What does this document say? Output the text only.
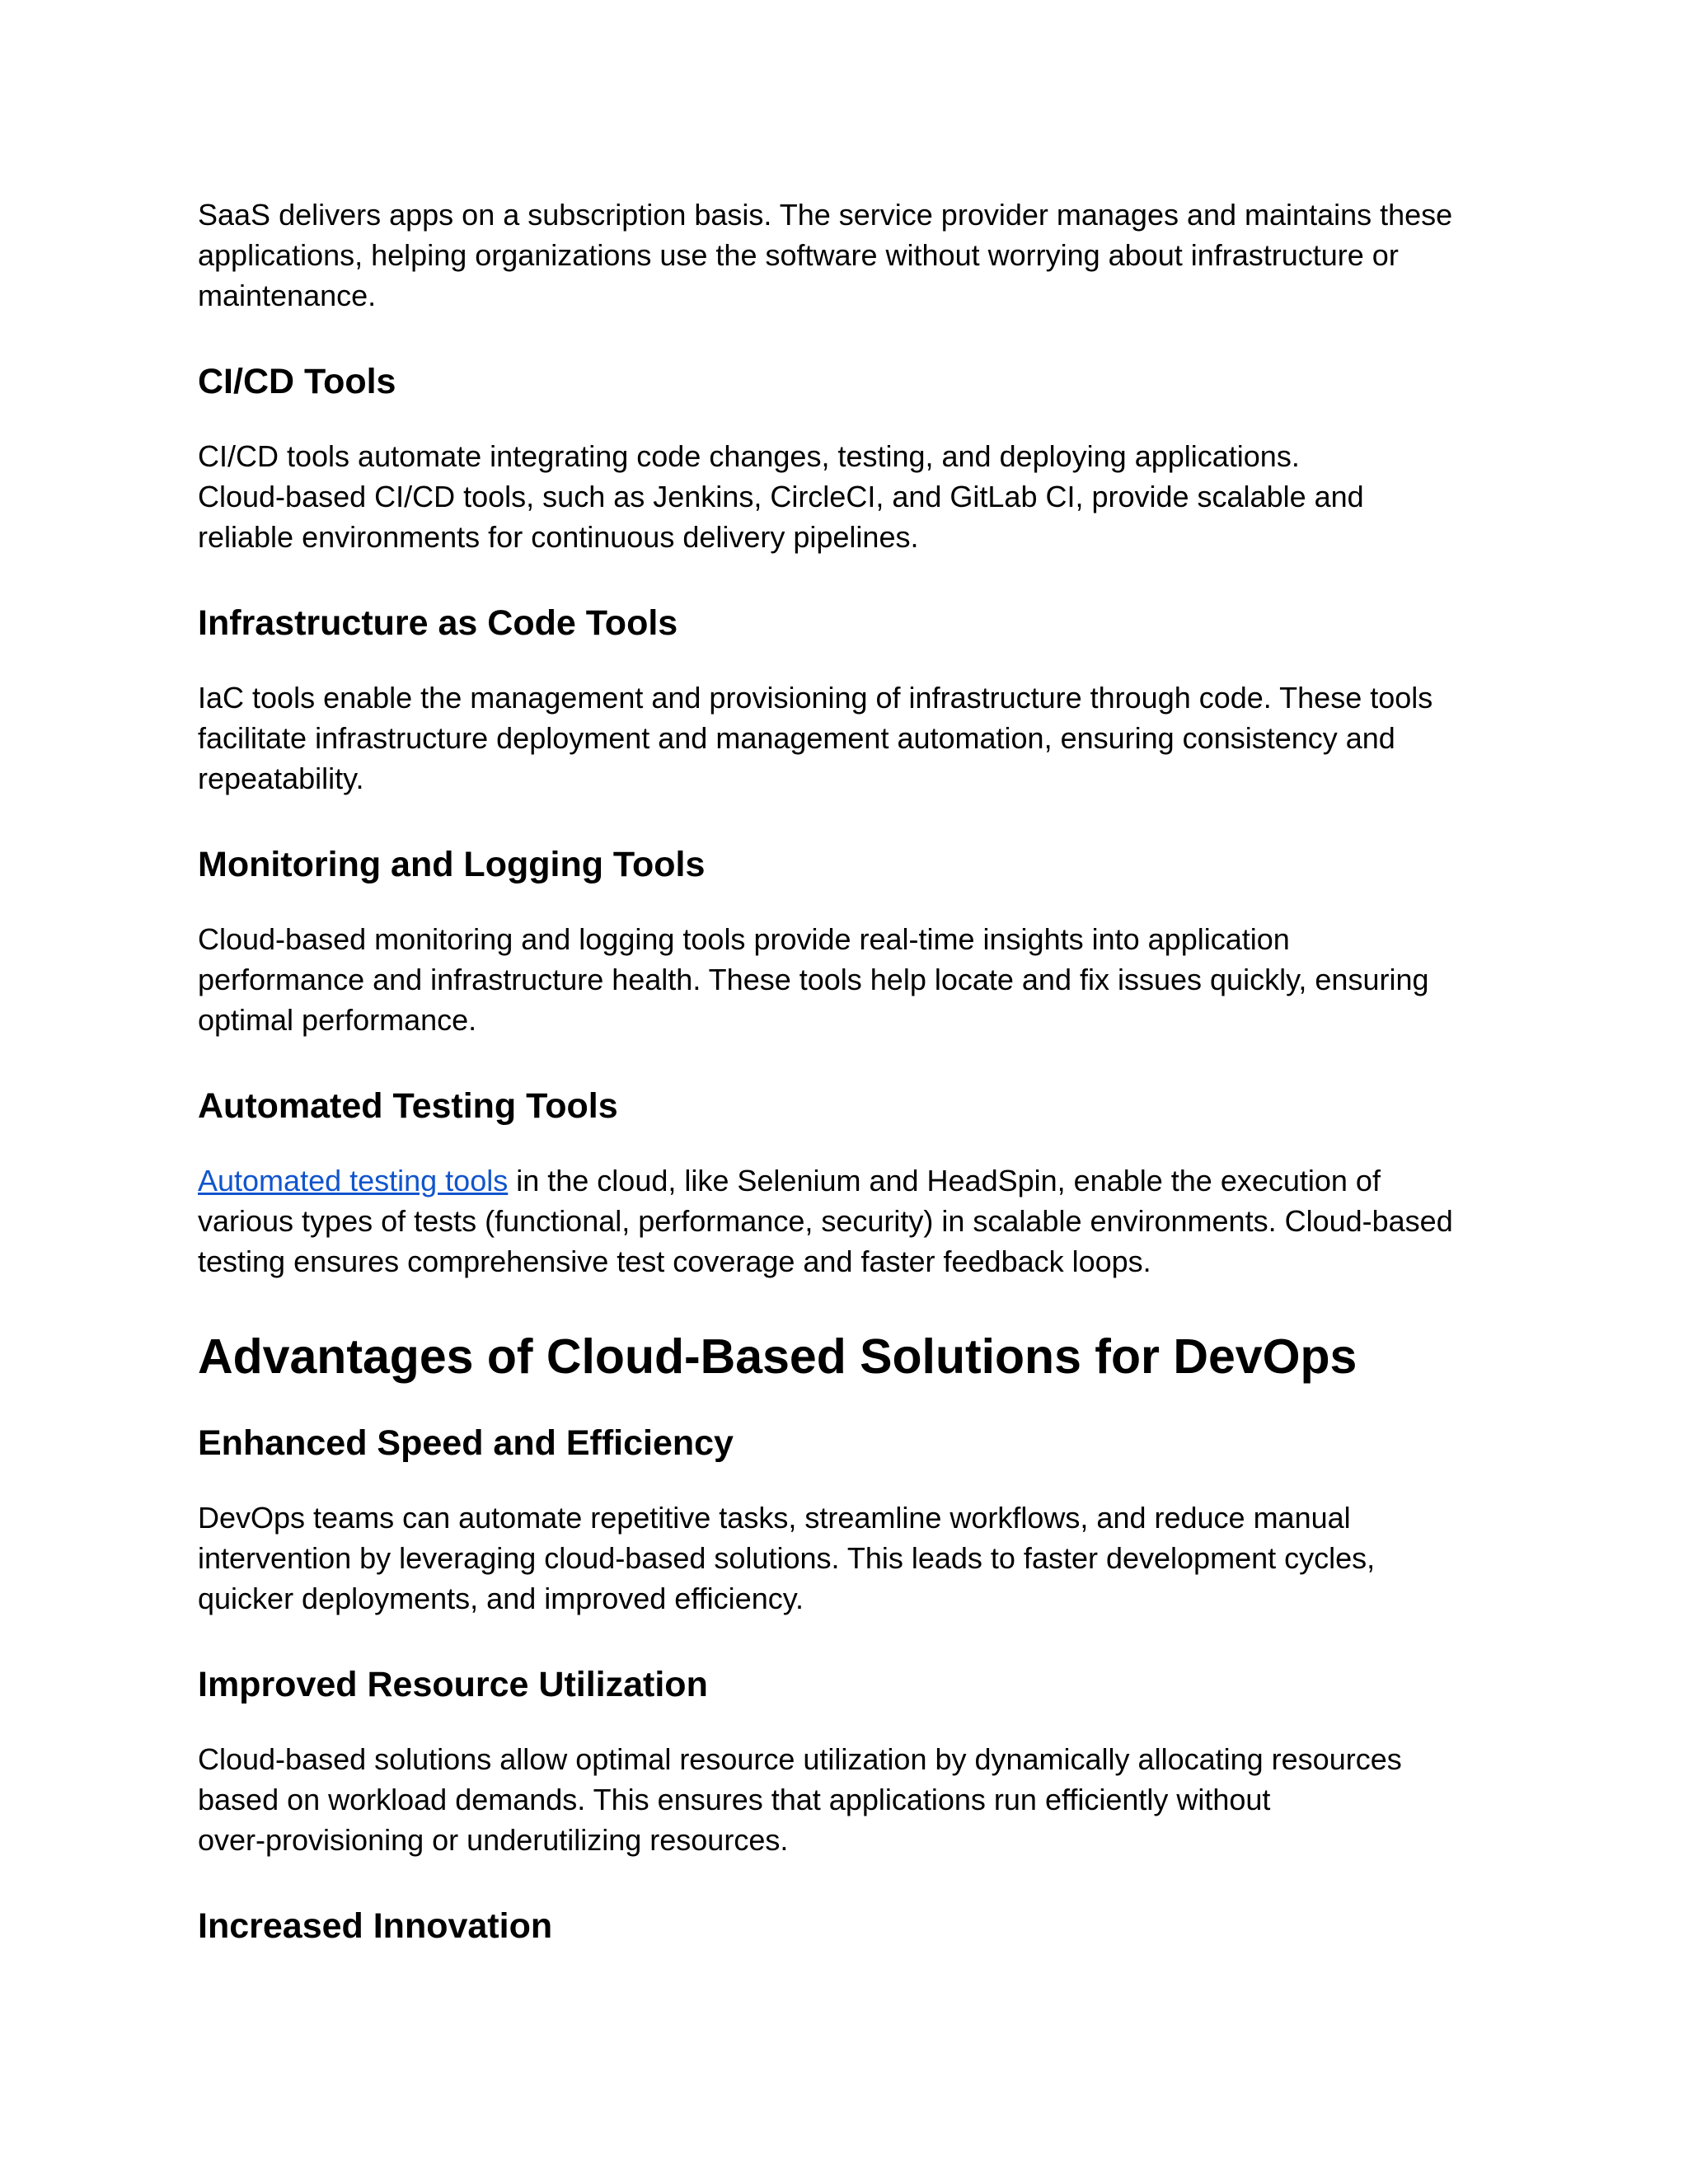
SaaS delivers apps on a subscription basis. The service provider manages and maintains these
applications, helping organizations use the software without worrying about infrastructure or
maintenance.

CI/CD Tools

CI/CD tools automate integrating code changes, testing, and deploying applications.
Cloud-based CI/CD tools, such as Jenkins, CircleCI, and GitLab CI, provide scalable and
reliable environments for continuous delivery pipelines.

Infrastructure as Code Tools

IaC tools enable the management and provisioning of infrastructure through code. These tools
facilitate infrastructure deployment and management automation, ensuring consistency and
repeatability.

Monitoring and Logging Tools

Cloud-based monitoring and logging tools provide real-time insights into application
performance and infrastructure health. These tools help locate and fix issues quickly, ensuring
optimal performance.

Automated Testing Tools

Automated testing tools in the cloud, like Selenium and HeadSpin, enable the execution of
various types of tests (functional, performance, security) in scalable environments. Cloud-based
testing ensures comprehensive test coverage and faster feedback loops.

Advantages of Cloud-Based Solutions for DevOps
Enhanced Speed and Efficiency

DevOps teams can automate repetitive tasks, streamline workflows, and reduce manual
intervention by leveraging cloud-based solutions. This leads to faster development cycles,
quicker deployments, and improved efficiency.

Improved Resource Utilization

Cloud-based solutions allow optimal resource utilization by dynamically allocating resources
based on workload demands. This ensures that applications run efficiently without
over-provisioning or underutilizing resources.

Increased Innovation
